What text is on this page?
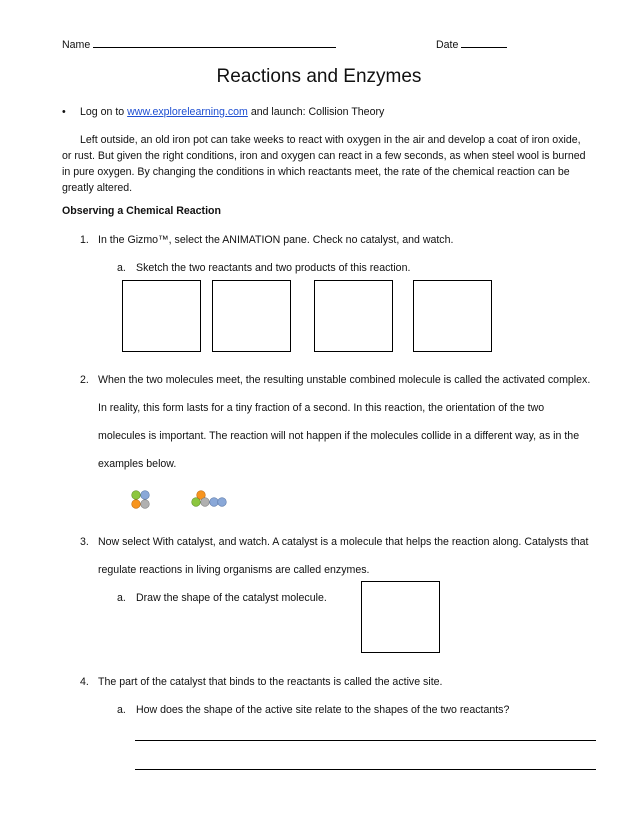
Name	Date
Reactions and Enzymes
• Log on to www.explorelearning.com and launch: Collision Theory
Left outside, an old iron pot can take weeks to react with oxygen in the air and develop a coat of iron oxide, or rust. But given the right conditions, iron and oxygen can react in a few seconds, as when steel wool is burned in pure oxygen. By changing the conditions in which reactants meet, the rate of the chemical reaction can be greatly altered.
Observing a Chemical Reaction
1. In the Gizmo™, select the ANIMATION pane. Check no catalyst, and watch.
a. Sketch the two reactants and two products of this reaction.
2. When the two molecules meet, the resulting unstable combined molecule is called the activated complex.
In reality, this form lasts for a tiny fraction of a second. In this reaction, the orientation of the two
molecules is important. The reaction will not happen if the molecules collide in a different way, as in the
examples below.
3. Now select With catalyst, and watch. A catalyst is a molecule that helps the reaction along. Catalysts that
regulate reactions in living organisms are called enzymes.
a. Draw the shape of the catalyst molecule.
4. The part of the catalyst that binds to the reactants is called the active site.
a. How does the shape of the active site relate to the shapes of the two reactants?
